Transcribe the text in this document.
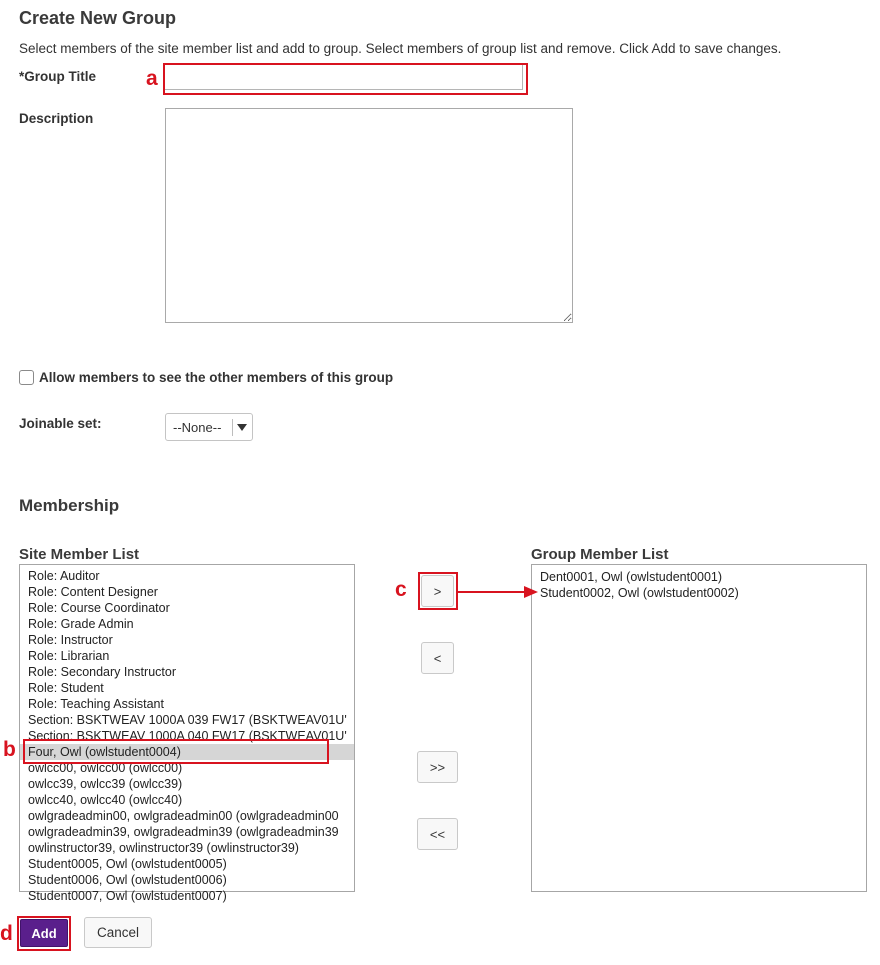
Create New Group
Select members of the site member list and add to group. Select members of group list and remove. Click Add to save changes.
*Group Title
Description
Allow members to see the other members of this group
Joinable set:	--None--
Membership
Site Member List	Group Member List
Role: Auditor
Role: Content Designer
Role: Course Coordinator
Role: Grade Admin
Role: Instructor
Role: Librarian
Role: Secondary Instructor
Role: Student
Role: Teaching Assistant
Section: BSKTWEAV 1000A 039 FW17 (BSKTWEAV01U'
Section: BSKTWEAV 1000A 040 FW17 (BSKTWEAV01U'
Four, Owl (owlstudent0004)
owlcc00, owlcc00 (owlcc00)
owlcc39, owlcc39 (owlcc39)
owlcc40, owlcc40 (owlcc40)
owlgradeadmin00, owlgradeadmin00 (owlgradeadmin00
owlgradeadmin39, owlgradeadmin39 (owlgradeadmin39
owlinstructor39, owlinstructor39 (owlinstructor39)
Student0005, Owl (owlstudent0005)
Student0006, Owl (owlstudent0006)
Student0007, Owl (owlstudent0007)
Dent0001, Owl (owlstudent0001)
Student0002, Owl (owlstudent0002)
>
<
>>
<<
Add	Cancel
a
b
c
d
